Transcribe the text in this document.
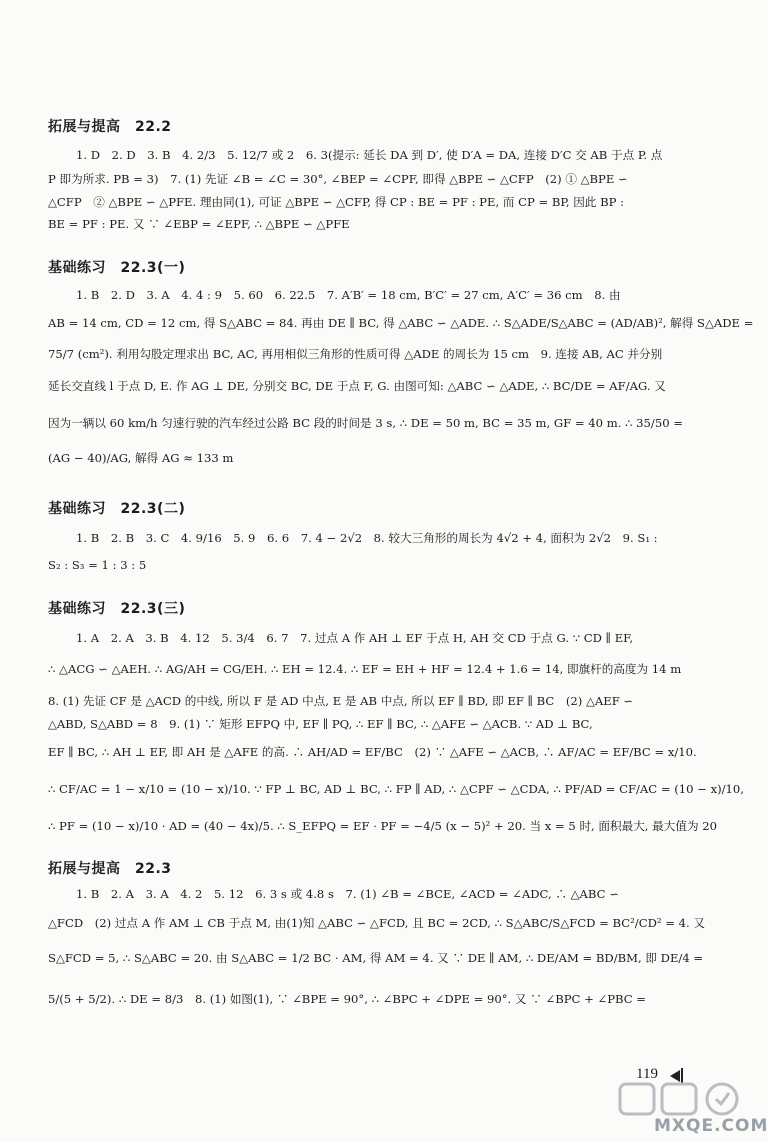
拓展与提高　22.2
1. D　2. D　3. B　4. 2/3　5. 12/7 或 2　6. 3(提示: 延长 DA 到 D′, 使 D′A = DA, 连接 D′C 交 AB 于点 P. 点
P 即为所求. PB = 3)　7. (1) 先证 ∠B = ∠C = 30°, ∠BEP = ∠CPF, 即得 △BPE ∽ △CFP　(2) ① △BPE ∽
△CFP　② △BPE ∽ △PFE. 理由同(1), 可证 △BPE ∽ △CFP, 得 CP : BE = PF : PE, 而 CP = BP, 因此 BP :
BE = PF : PE. 又 ∵ ∠EBP = ∠EPF, ∴ △BPE ∽ △PFE
基础练习　22.3(一)
1. B　2. D　3. A　4. 4 : 9　5. 60　6. 22.5　7. A′B′ = 18 cm, B′C′ = 27 cm, A′C′ = 36 cm　8. 由
AB = 14 cm, CD = 12 cm, 得 S△ABC = 84. 再由 DE ∥ BC, 得 △ABC ∽ △ADE. ∴ S△ADE/S△ABC = (AD/AB)², 解得 S△ADE =
75/7 (cm²). 利用勾股定理求出 BC, AC, 再用相似三角形的性质可得 △ADE 的周长为 15 cm　9. 连接 AB, AC 并分别
延长交直线 l 于点 D, E. 作 AG ⊥ DE, 分别交 BC, DE 于点 F, G. 由图可知: △ABC ∽ △ADE, ∴ BC/DE = AF/AG. 又
因为一辆以 60 km/h 匀速行驶的汽车经过公路 BC 段的时间是 3 s, ∴ DE = 50 m, BC = 35 m, GF = 40 m. ∴ 35/50 =
(AG − 40)/AG, 解得 AG ≈ 133 m
基础练习　22.3(二)
1. B　2. B　3. C　4. 9/16　5. 9　6. 6　7. 4 − 2√2　8. 较大三角形的周长为 4√2 + 4, 面积为 2√2　9. S₁ :
S₂ : S₃ = 1 : 3 : 5
基础练习　22.3(三)
1. A　2. A　3. B　4. 12　5. 3/4　6. 7　7. 过点 A 作 AH ⊥ EF 于点 H, AH 交 CD 于点 G. ∵ CD ∥ EF,
∴ △ACG ∽ △AEH. ∴ AG/AH = CG/EH. ∴ EH = 12.4. ∴ EF = EH + HF = 12.4 + 1.6 = 14, 即旗杆的高度为 14 m
8. (1) 先证 CF 是 △ACD 的中线, 所以 F 是 AD 中点, E 是 AB 中点, 所以 EF ∥ BD, 即 EF ∥ BC　(2) △AEF ∽
△ABD, S△ABD = 8　9. (1) ∵ 矩形 EFPQ 中, EF ∥ PQ, ∴ EF ∥ BC, ∴ △AFE ∽ △ACB. ∵ AD ⊥ BC,
EF ∥ BC, ∴ AH ⊥ EF, 即 AH 是 △AFE 的高. ∴ AH/AD = EF/BC　(2) ∵ △AFE ∽ △ACB, ∴ AF/AC = EF/BC = x/10.
∴ CF/AC = 1 − x/10 = (10 − x)/10. ∵ FP ⊥ BC, AD ⊥ BC, ∴ FP ∥ AD, ∴ △CPF ∽ △CDA, ∴ PF/AD = CF/AC = (10 − x)/10,
∴ PF = (10 − x)/10 · AD = (40 − 4x)/5. ∴ S_EFPQ = EF · PF = −4/5 (x − 5)² + 20. 当 x = 5 时, 面积最大, 最大值为 20
拓展与提高　22.3
1. B　2. A　3. A　4. 2　5. 12　6. 3 s 或 4.8 s　7. (1) ∠B = ∠BCE, ∠ACD = ∠ADC, ∴ △ABC ∽
△FCD　(2) 过点 A 作 AM ⊥ CB 于点 M, 由(1)知 △ABC ∽ △FCD, 且 BC = 2CD, ∴ S△ABC/S△FCD = BC²/CD² = 4. 又
S△FCD = 5, ∴ S△ABC = 20. 由 S△ABC = 1/2 BC · AM, 得 AM = 4. 又 ∵ DE ∥ AM, ∴ DE/AM = BD/BM, 即 DE/4 =
5/(5 + 5/2). ∴ DE = 8/3　8. (1) 如图(1), ∵ ∠BPE = 90°, ∴ ∠BPC + ∠DPE = 90°. 又 ∵ ∠BPC + ∠PBC =
119
MXQE.COM
